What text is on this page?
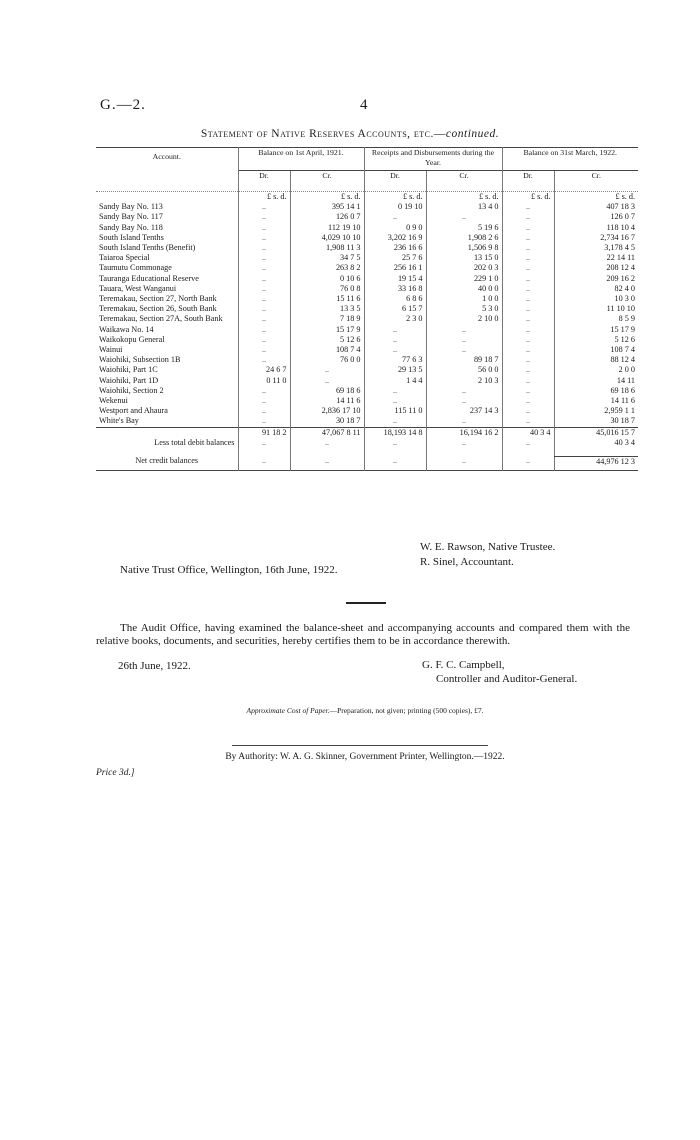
G.—2.	4
Statement of Native Reserves Accounts, etc.—continued.
Account.	Balance on 1st April, 1921.		Receipts and Disbursements during the Year.		Balance on 31st March, 1922.	
	Dr.	Cr.	Dr.	Cr.	Dr.	Cr.
	£ s. d.	£ s. d.	£ s. d.	£ s. d.	£ s. d.	£ s. d.
Sandy Bay No. 113	..	395 14 1	0 19 10	13 4 0	..	407 18 3
Sandy Bay No. 117	..	126 0 7	..	..	..	126 0 7
Sandy Bay No. 118	..	112 19 10	0 9 0	5 19 6	..	118 10 4
South Island Tenths	..	4,029 10 10	3,202 16 9	1,908 2 6	..	2,734 16 7
South Island Tenths (Benefit)	..	1,908 11 3	236 16 6	1,506 9 8	..	3,178 4 5
Taiaroa Special	..	34 7 5	25 7 6	13 15 0	..	22 14 11
Taumutu Commonage	..	263 8 2	256 16 1	202 0 3	..	208 12 4
Tauranga Educational Reserve	..	0 10 6	19 15 4	229 1 0	..	209 16 2
Tauara, West Wanganui	..	76 0 8	33 16 8	40 0 0	..	82 4 0
Teremakau, Section 27, North Bank	..	15 11 6	6 8 6	1 0 0	..	10 3 0
Teremakau, Section 26, South Bank	..	13 3 5	6 15 7	5 3 0	..	11 10 10
Teremakau, Section 27A, South Bank	..	7 18 9	2 3 0	2 10 0	..	8 5 9
Waikawa No. 14	..	15 17 9	..	..	..	15 17 9
Waikokopu General	..	5 12 6	..	..	..	5 12 6
Wainui	..	108 7 4	..	..	..	108 7 4
Waiohiki, Subsection 1B	..	76 0 0	77 6 3	89 18 7	..	88 12 4
Waiohiki, Part 1C	24 6 7	..	29 13 5	56 0 0	..	2 0 0
Waiohiki, Part 1D	0 11 0	..	1 4 4	2 10 3	..	14 11
Waiohiki, Section 2	..	69 18 6	..	..	..	69 18 6
Wekenui	..	14 11 6	..	..	..	14 11 6
Westport and Ahaura	..	2,836 17 10	115 11 0	237 14 3	..	2,959 1 1
White's Bay	..	30 18 7	..	..	..	30 18 7
	91 18 2	47,067 8 11	18,193 14 8	16,194 16 2	40 3 4	45,016 15 7
Less total debit balances	..	..	..	..	..	40 3 4
Net credit balances	..	..	..	..	..	44,976 12 3
W. E. Rawson, Native Trustee.
R. Sinel, Accountant.
Native Trust Office, Wellington, 16th June, 1922.
The Audit Office, having examined the balance-sheet and accompanying accounts and compared them with the relative books, documents, and securities, hereby certifies them to be in accordance therewith.
26th June, 1922.	G. F. C. Campbell,
Controller and Auditor-General.
Approximate Cost of Paper.—Preparation, not given; printing (500 copies), £7.
By Authority: W. A. G. Skinner, Government Printer, Wellington.—1922.
Price 3d.]
